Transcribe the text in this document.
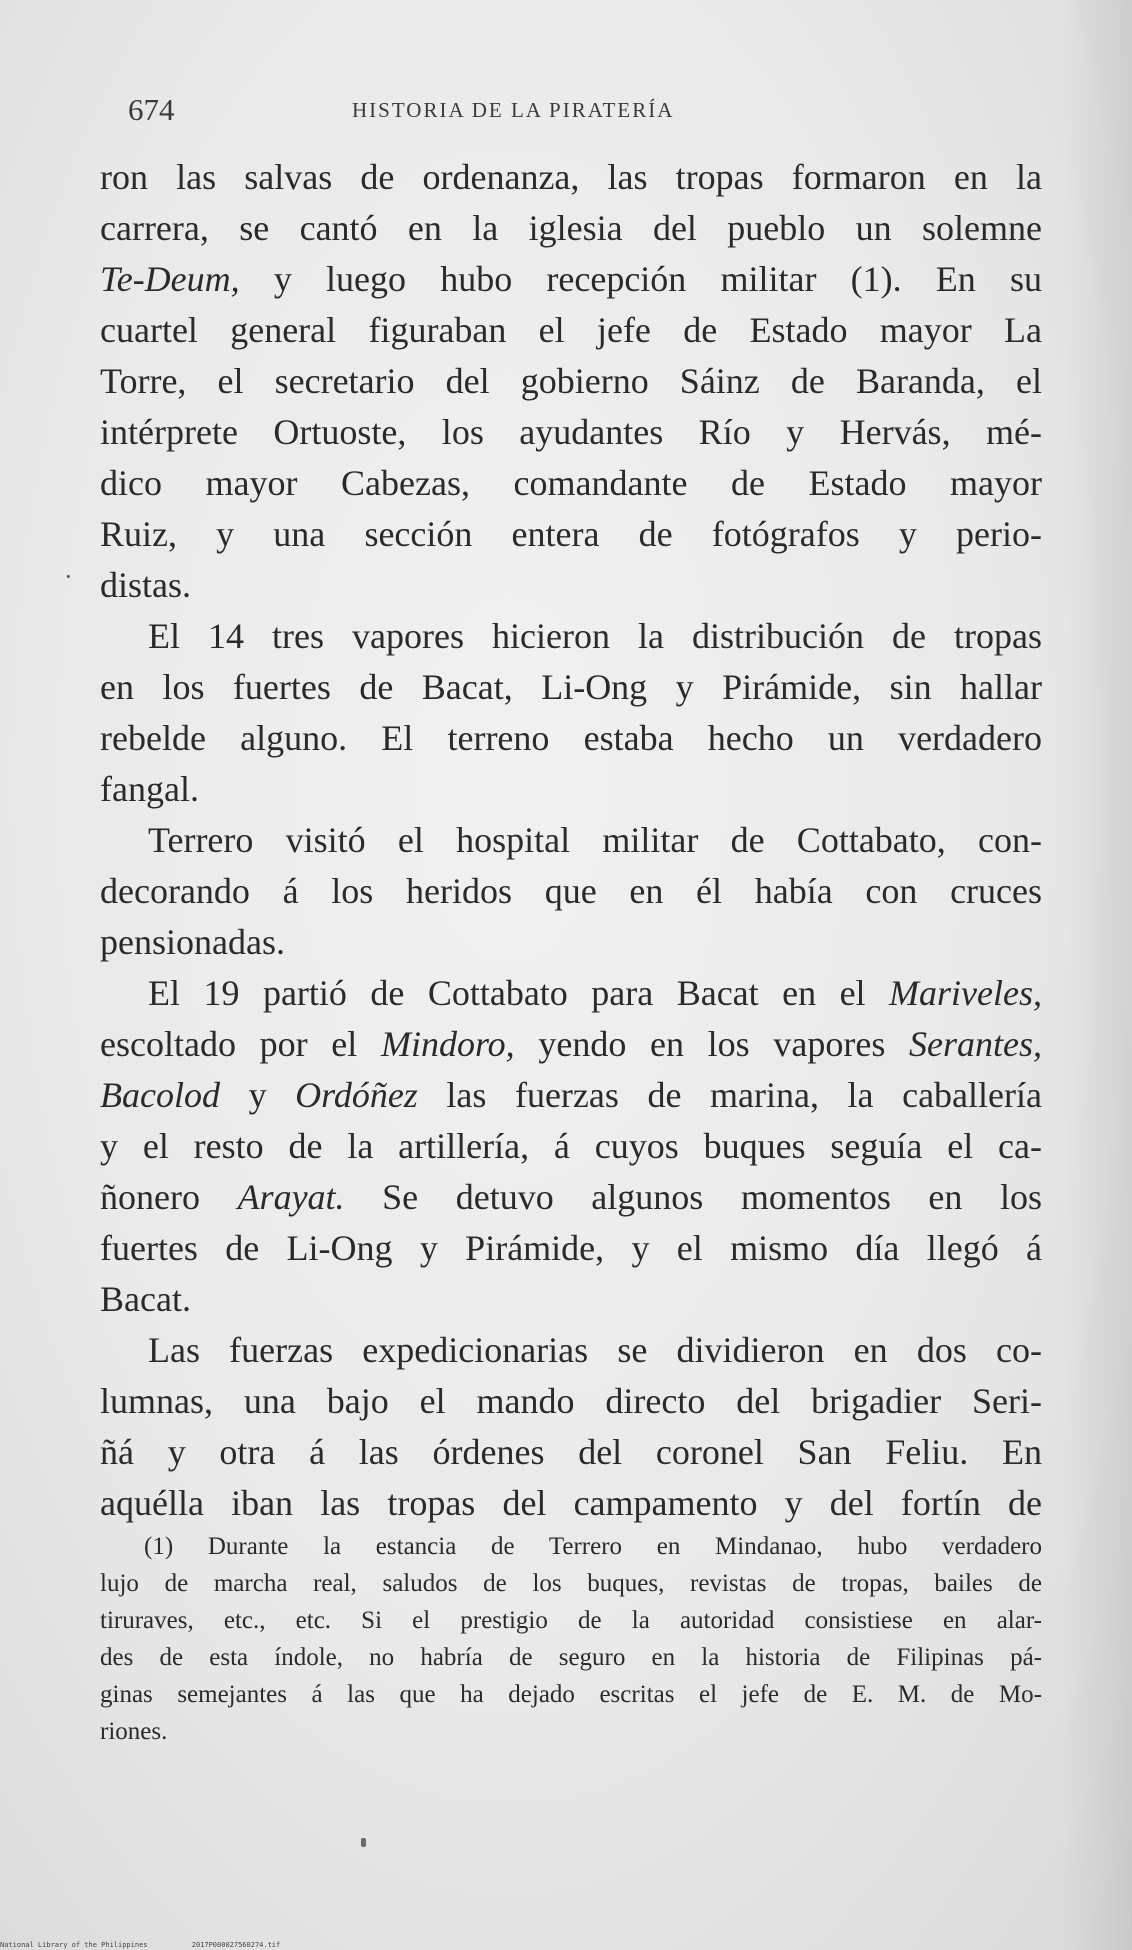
674	HISTORIA DE LA PIRATERÍA
·
ron las salvas de ordenanza, las tropas formaron en la
carrera, se cantó en la iglesia del pueblo un solemne
Te-Deum, y luego hubo recepción militar (1). En su
cuartel general figuraban el jefe de Estado mayor La
Torre, el secretario del gobierno Sáinz de Baranda, el
intérprete Ortuoste, los ayudantes Río y Hervás, mé-
dico mayor Cabezas, comandante de Estado mayor
Ruiz, y una sección entera de fotógrafos y perio-
distas.
El 14 tres vapores hicieron la distribución de tropas
en los fuertes de Bacat, Li-Ong y Pirámide, sin hallar
rebelde alguno. El terreno estaba hecho un verdadero
fangal.
Terrero visitó el hospital militar de Cottabato, con-
decorando á los heridos que en él había con cruces
pensionadas.
El 19 partió de Cottabato para Bacat en el Mariveles,
escoltado por el Mindoro, yendo en los vapores Serantes,
Bacolod y Ordóñez las fuerzas de marina, la caballería
y el resto de la artillería, á cuyos buques seguía el ca-
ñonero Arayat. Se detuvo algunos momentos en los
fuertes de Li-Ong y Pirámide, y el mismo día llegó á
Bacat.
Las fuerzas expedicionarias se dividieron en dos co-
lumnas, una bajo el mando directo del brigadier Seri-
ñá y otra á las órdenes del coronel San Feliu. En
aquélla iban las tropas del campamento y del fortín de
(1) Durante la estancia de Terrero en Mindanao, hubo verdadero
lujo de marcha real, saludos de los buques, revistas de tropas, bailes de
tiruraves, etc., etc. Si el prestigio de la autoridad consistiese en alar-
des de esta índole, no habría de seguro en la historia de Filipinas pá-
ginas semejantes á las que ha dejado escritas el jefe de E. M. de Mo-
riones.
National Library of the Philippines	2017P000027560274.tif
